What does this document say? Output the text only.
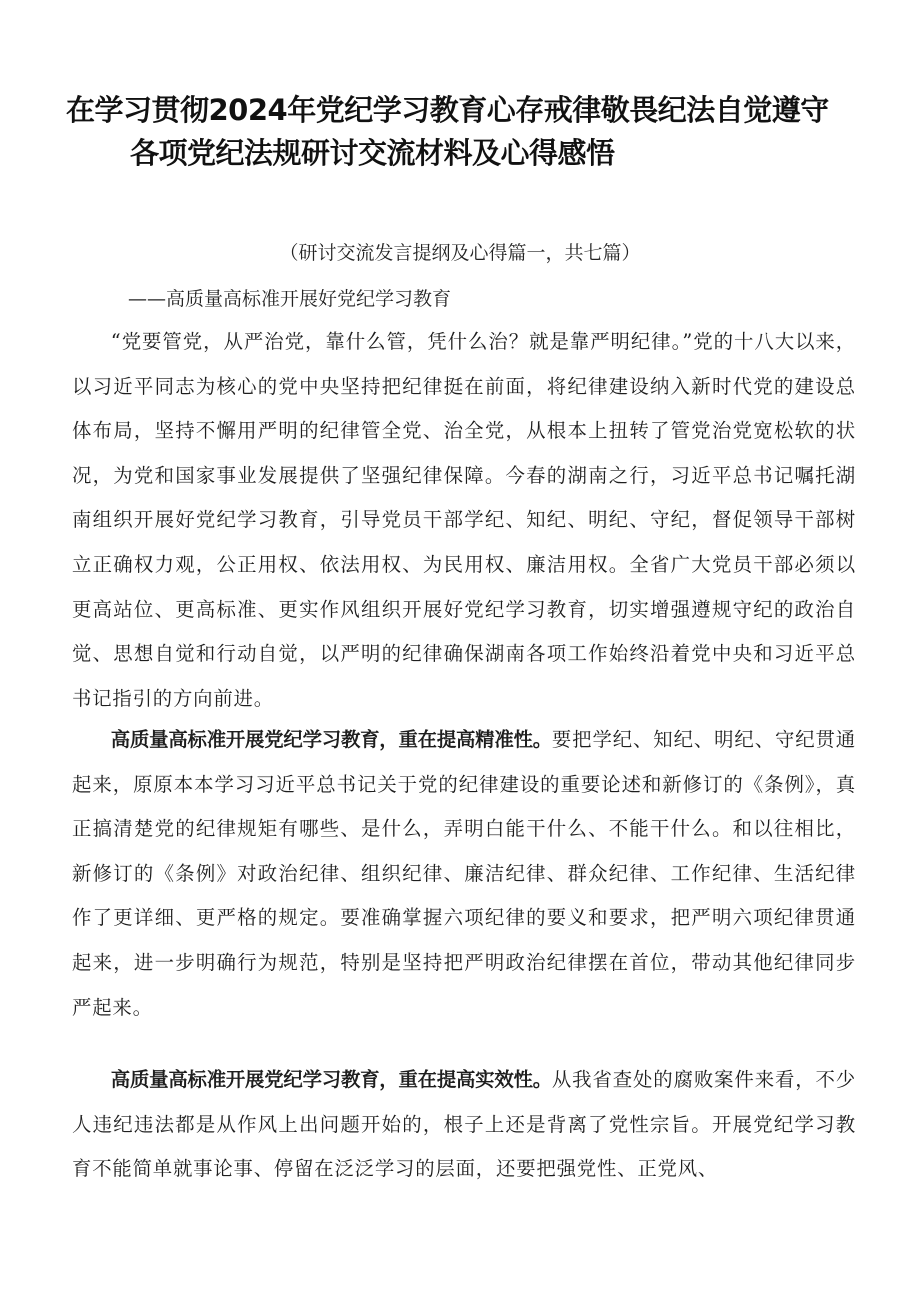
在学习贯彻2024年党纪学习教育心存戒律敬畏纪法自觉遵守
各项党纪法规研讨交流材料及心得感悟
（研讨交流发言提纲及心得篇一，共七篇）
——高质量高标准开展好党纪学习教育

“党要管党，从严治党，靠什么管，凭什么治？就是靠严明纪律。”党的十八大以来，以习近平同志为核心的党中央坚持把纪律挺在前面，将纪律建设纳入新时代党的建设总体布局，坚持不懈用严明的纪律管全党、治全党，从根本上扭转了管党治党宽松软的状况，为党和国家事业发展提供了坚强纪律保障。今春的湖南之行，习近平总书记嘱托湖南组织开展好党纪学习教育，引导党员干部学纪、知纪、明纪、守纪，督促领导干部树立正确权力观，公正用权、依法用权、为民用权、廉洁用权。全省广大党员干部必须以更高站位、更高标准、更实作风组织开展好党纪学习教育，切实增强遵规守纪的政治自觉、思想自觉和行动自觉，以严明的纪律确保湖南各项工作始终沿着党中央和习近平总书记指引的方向前进。

高质量高标准开展党纪学习教育，重在提高精准性。要把学纪、知纪、明纪、守纪贯通起来，原原本本学习习近平总书记关于党的纪律建设的重要论述和新修订的《条例》，真正搞清楚党的纪律规矩有哪些、是什么，弄明白能干什么、不能干什么。和以往相比，新修订的《条例》对政治纪律、组织纪律、廉洁纪律、群众纪律、工作纪律、生活纪律作了更详细、更严格的规定。要准确掌握六项纪律的要义和要求，把严明六项纪律贯通起来，进一步明确行为规范，特别是坚持把严明政治纪律摆在首位，带动其他纪律同步严起来。

高质量高标准开展党纪学习教育，重在提高实效性。从我省查处的腐败案件来看，不少人违纪违法都是从作风上出问题开始的，根子上还是背离了党性宗旨。开展党纪学习教育不能简单就事论事、停留在泛泛学习的层面，还要把强党性、正党风、
